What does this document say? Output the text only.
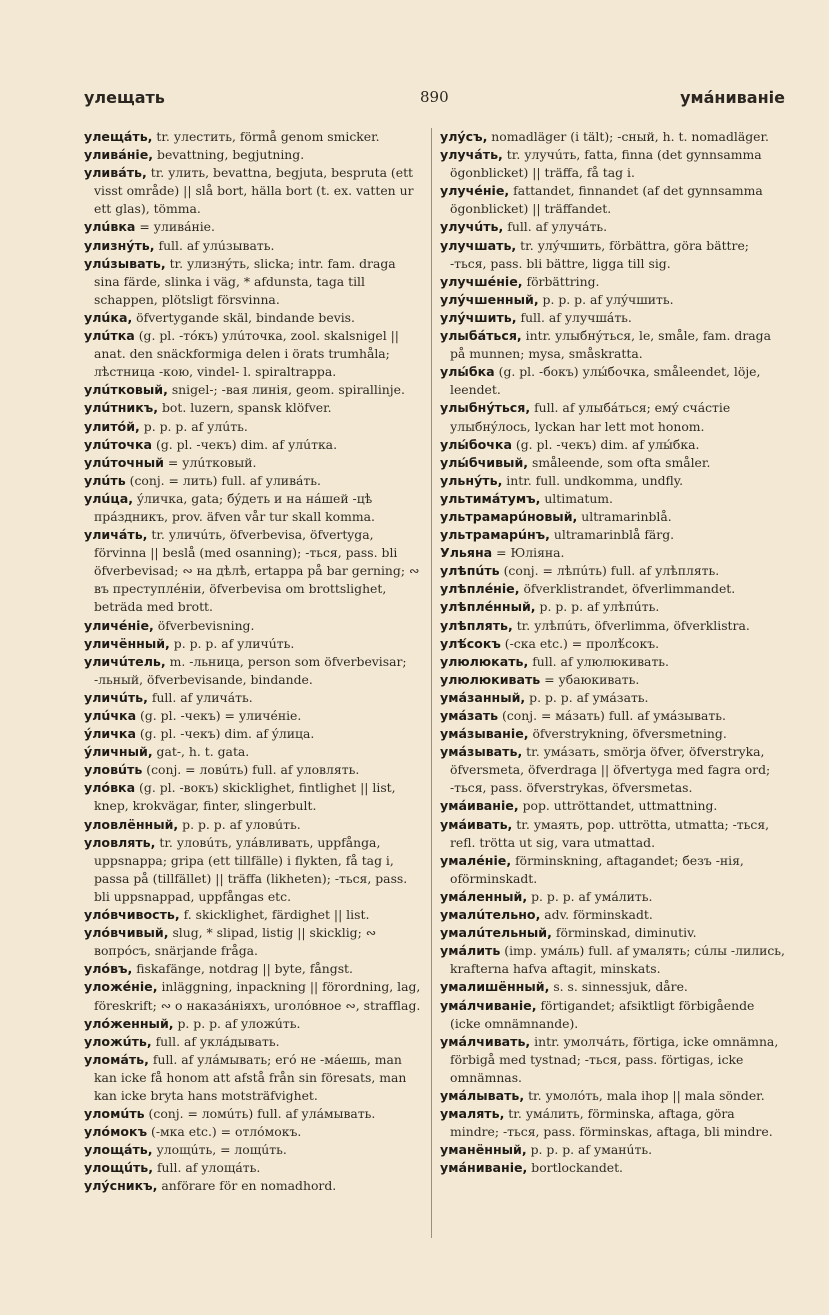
улещать	890	умáниваніе

улещáть, tr. улестить, förmå genom smicker.

уливáніе, bevattning, begjutning.

уливáть, tr. улить, bevattna, begjuta, bespruta (ett visst område) || slå bort, hälla bort (t. ex. vatten ur ett glas), tömma.

улúвка = уливáніе.

улизнýть, full. af улúзывать.

улúзывать, tr. улизнýть, slicka; intr. fam. draga sina färde, slinka i väg, * afdunsta, taga till schappen, plötsligt försvinna.

улúка, öfvertygande skäl, bindande bevis.

улúтка (g. pl. -тóкъ) улúточка, zool. skalsnigel || anat. den snäckformiga delen i örats trumhåla; лѣстница -кою, vindel- l. spiraltrappa.

улúтковый, snigel-; -вая линія, geom. spirallinje.

улúтникъ, bot. luzern, spansk klöfver.

улитóй, p. p. p. af улúть.

улúточка (g. pl. -чекъ) dim. af улúтка.

улúточный = улúтковый.

улúть (conj. = лить) full. af уливáть.

улúца, ýличка, gata; бýдеть и на нáшей -цѣ прáздникъ, prov. äfven vår tur skall komma.

уличáть, tr. уличúть, öfverbevisa, öfvertyga, förvinna || beslå (med osanning); -ться, pass. bli öfverbevisad; ∾ на дѣлѣ, ertappa på bar gerning; ∾ въ преступлéніи, öfverbevisa om brottslighet, beträda med brott.

уличéніе, öfverbevisning.

уличённый, p. p. p. af уличúть.

уличúтель, m. -льница, person som öfverbevisar; -льный, öfverbevisande, bindande.

уличúть, full. af уличáть.

улúчка (g. pl. -чекъ) = уличéніе.

ýличка (g. pl. -чекъ) dim. af ýлица.

ýличный, gat-, h. t. gata.

уловúть (conj. = ловúть) full. af уловлять.

улóвка (g. pl. -вокъ) skicklighet, fintlighet || list, knep, krokvägar, finter, slingerbult.

уловлённый, p. p. p. af уловúть.

уловлять, tr. уловúть, улáвливать, uppfånga, uppsnappa; gripa (ett tillfälle) i flykten, få tag i, passa på (tillfället) || träffa (likheten); -ться, pass. bli uppsnappad, uppfångas etc.

улóвчивость, f. skicklighet, färdighet || list.

улóвчивый, slug, * slipad, listig || skicklig; ∾ вопрóсъ, snärjande fråga.

улóвъ, fiskafänge, notdrag || byte, fångst.

уложéніе, inläggning, inpackning || förordning, lag, föreskrift; ∾ о наказáніяхъ, uголóвное ∾, strafflag.

улóженный, p. p. p. af уложúть.

уложúть, full. af уклáдывать.

уломáть, full. af улáмывать; егó не -мáешь, man kan icke få honom att afstå från sin föresats, man kan icke bryta hans motsträfvighet.

уломúть (conj. = ломúть) full. af улáмывать.

улóмокъ (-мка etc.) = отлóмокъ.

улощáть, улощúть, = лощúть.

улощúть, full. af улощáть.

улýсникъ, anförare för en nomadhord.

улýсъ, nomadläger (i tält); -сный, h. t. nomadläger.

улучáть, tr. улучúть, fatta, finna (det gynnsamma ögonblicket) || träffa, få tag i.

улучéніе, fattandet, finnandet (af det gynnsamma ögonblicket) || träffandet.

улучúть, full. af улучáть.

улучшать, tr. улýчшить, förbättra, göra bättre; -ться, pass. bli bättre, ligga till sig.

улучшéніе, förbättring.

улýчшенный, p. p. p. af улýчшить.

улýчшить, full. af улучшáть.

улыбáться, intr. улыбнýться, le, småle, fam. draga på munnen; mysa, småskratta.

улы́бка (g. pl. -бокъ) улы́бочка, småleendet, löje, leendet.

улыбнýться, full. af улыбáться; емý счáстіе улыбнýлось, lyckan har lett mot honom.

улы́бочка (g. pl. -чекъ) dim. af улы́бка.

улы́бчивый, småleende, som ofta småler.

ульнýть, intr. full. undkomma, undfly.

ультимáтумъ, ultimatum.

ультрамарúновый, ultramarinblå.

ультрамарúнъ, ultramarinblå färg.

Ульяна = Юліяна.

улѣпúть (conj. = лѣпúть) full. af улѣплять.

улѣплéніе, öfverklistrandet, öfverlimmandet.

улѣплéнный, p. p. p. af улѣпúть.

улѣплять, tr. улѣпúть, öfverlimma, öfverklistra.

улѣ́сокъ (-ска etc.) = пролѣ́сокъ.

улюлюкать, full. af улюлюкивать.

улюлюкивать = убаюкивать.

умáзанный, p. p. p. af умáзать.

умáзать (conj. = мáзать) full. af умáзывать.

умáзываніе, öfverstrykning, öfversmetning.

умáзывать, tr. умáзать, smörja öfver, öfverstryka, öfversmeta, öfverdraga || öfvertyga med fagra ord; -ться, pass. öfverstrykas, öfversmetas.

умáиваніе, pop. uttröttandet, uttmattning.

умáивать, tr. умаять, pop. uttrötta, utmatta; -ться, refl. trötta ut sig, vara utmattad.

умалéніе, förminskning, aftagandet; безъ -нія, oförminskadt.

умáленный, p. p. p. af умáлить.

умалúтельно, adv. förminskadt.

умалúтельный, förminskad, diminutiv.

умáлить (imp. умáль) full. af умалять; сúлы -лились, krafterna hafva aftagit, minskats.

умалишённый, s. s. sinnessjuk, dåre.

умáлчиваніе, förtigandet; afsiktligt förbigående (icke omnämnande).

умáлчивать, intr. умолчáть, förtiga, icke omnämna, förbigå med tystnad; -ться, pass. förtigas, icke omnämnas.

умáлывать, tr. умолóть, mala ihop || mala sönder.

умалять, tr. умáлить, förminska, aftaga, göra mindre; -ться, pass. förminskas, aftaga, bli mindre.

уманённый, p. p. p. af уманúть.

умáниваніе, bortlockandet.
